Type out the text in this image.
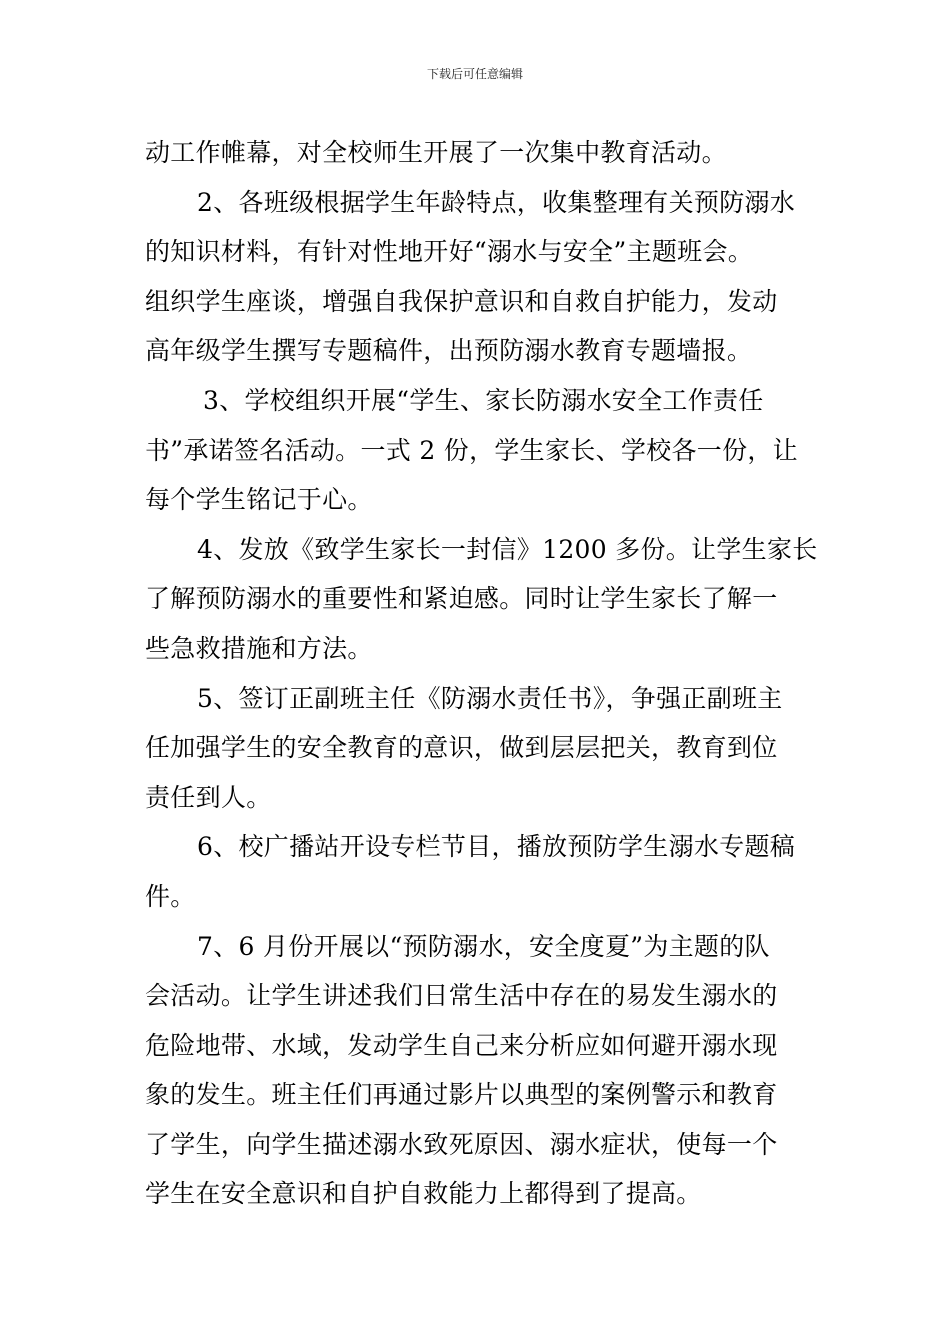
下载后可任意编辑
动工作帷幕，对全校师生开展了一次集中教育活动。
2、各班级根据学生年龄特点，收集整理有关预防溺水
的知识材料，有针对性地开好“溺水与安全”主题班会。
组织学生座谈，增强自我保护意识和自救自护能力，发动
高年级学生撰写专题稿件，出预防溺水教育专题墙报。
3、学校组织开展“学生、家长防溺水安全工作责任
书”承诺签名活动。一式 2 份，学生家长、学校各一份，让
每个学生铭记于心。
4、发放《致学生家长一封信》1200 多份。让学生家长
了解预防溺水的重要性和紧迫感。同时让学生家长了解一
些急救措施和方法。
5、签订正副班主任《防溺水责任书》，争强正副班主
任加强学生的安全教育的意识，做到层层把关，教育到位
责任到人。
6、校广播站开设专栏节目，播放预防学生溺水专题稿
件。
7、6 月份开展以“预防溺水，安全度夏”为主题的队
会活动。让学生讲述我们日常生活中存在的易发生溺水的
危险地带、水域，发动学生自己来分析应如何避开溺水现
象的发生。班主任们再通过影片以典型的案例警示和教育
了学生，向学生描述溺水致死原因、溺水症状，使每一个
学生在安全意识和自护自救能力上都得到了提高。
